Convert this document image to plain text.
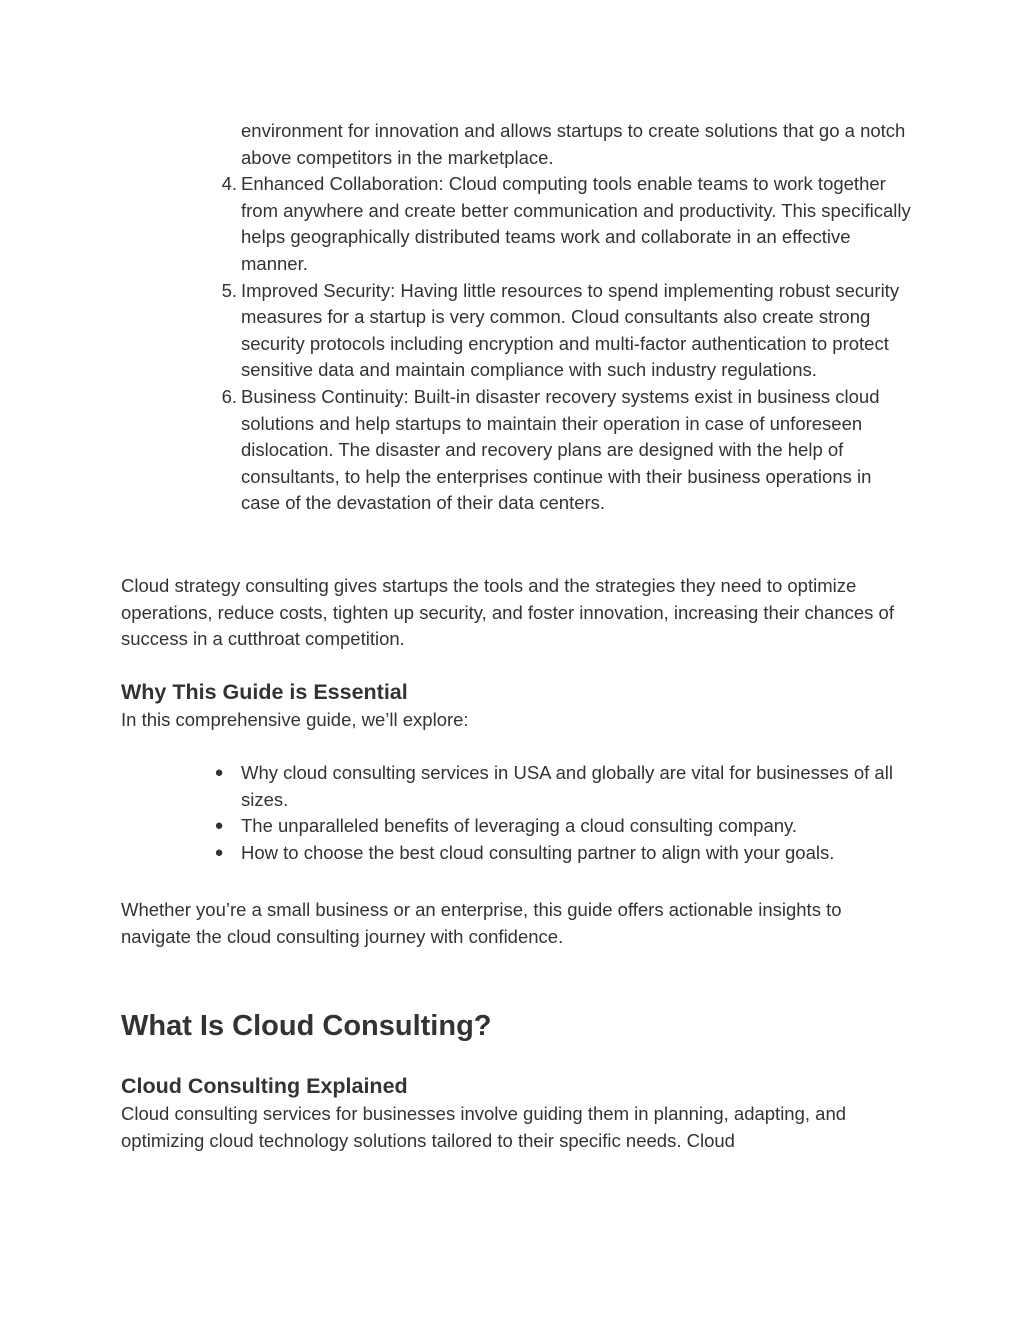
environment for innovation and allows startups to create solutions that go a notch above competitors in the marketplace.
4. Enhanced Collaboration: Cloud computing tools enable teams to work together from anywhere and create better communication and productivity. This specifically helps geographically distributed teams work and collaborate in an effective manner.
5. Improved Security: Having little resources to spend implementing robust security measures for a startup is very common. Cloud consultants also create strong security protocols including encryption and multi-factor authentication to protect sensitive data and maintain compliance with such industry regulations.
6. Business Continuity: Built-in disaster recovery systems exist in business cloud solutions and help startups to maintain their operation in case of unforeseen dislocation. The disaster and recovery plans are designed with the help of consultants, to help the enterprises continue with their business operations in case of the devastation of their data centers.

Cloud strategy consulting gives startups the tools and the strategies they need to optimize operations, reduce costs, tighten up security, and foster innovation, increasing their chances of success in a cutthroat competition.

Why This Guide is Essential

In this comprehensive guide, we’ll explore:

● Why cloud consulting services in USA and globally are vital for businesses of all sizes.
● The unparalleled benefits of leveraging a cloud consulting company.
● How to choose the best cloud consulting partner to align with your goals.

Whether you’re a small business or an enterprise, this guide offers actionable insights to navigate the cloud consulting journey with confidence.

What Is Cloud Consulting?
Cloud Consulting Explained

Cloud consulting services for businesses involve guiding them in planning, adapting, and optimizing cloud technology solutions tailored to their specific needs. Cloud
